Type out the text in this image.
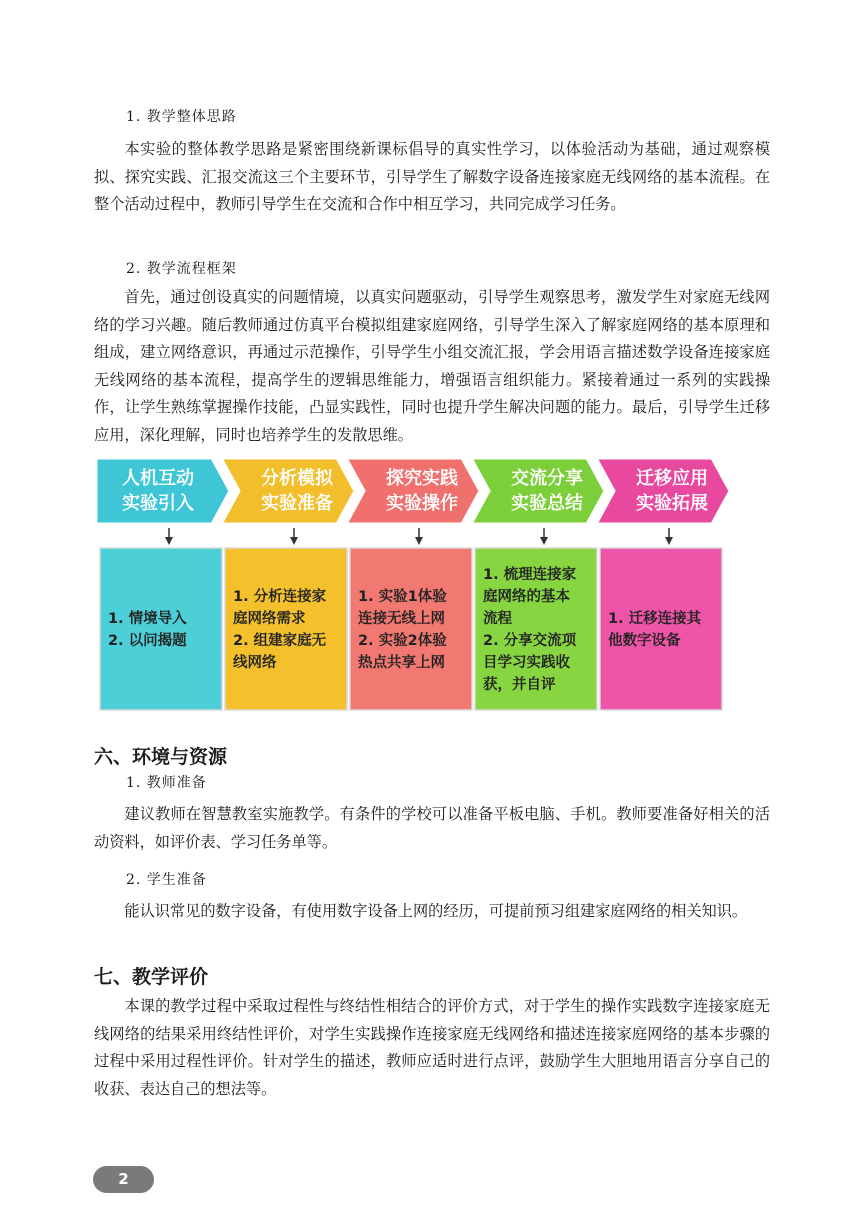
1. 教学整体思路

本实验的整体教学思路是紧密围绕新课标倡导的真实性学习，以体验活动为基础，通过观察模拟、探究实践、汇报交流这三个主要环节，引导学生了解数字设备连接家庭无线网络的基本流程。在整个活动过程中，教师引导学生在交流和合作中相互学习，共同完成学习任务。

2. 教学流程框架

首先，通过创设真实的问题情境，以真实问题驱动，引导学生观察思考，激发学生对家庭无线网络的学习兴趣。随后教师通过仿真平台模拟组建家庭网络，引导学生深入了解家庭网络的基本原理和组成，建立网络意识，再通过示范操作，引导学生小组交流汇报，学会用语言描述数学设备连接家庭无线网络的基本流程，提高学生的逻辑思维能力，增强语言组织能力。紧接着通过一系列的实践操作，让学生熟练掌握操作技能，凸显实践性，同时也提升学生解决问题的能力。最后，引导学生迁移应用，深化理解，同时也培养学生的发散思维。

人机互动
实验引入
1. 情境导入
2. 以问揭题
分析模拟
实验准备
1. 分析连接家
庭网络需求
2. 组建家庭无
线网络
探究实践
实验操作
1. 实验1体验
连接无线上网
2. 实验2体验
热点共享上网
交流分享
实验总结
1. 梳理连接家
庭网络的基本
流程
2. 分享交流项
目学习实践收
获，并自评
迁移应用
实验拓展
1. 迁移连接其
他数字设备
六、环境与资源
1. 教师准备

建议教师在智慧教室实施教学。有条件的学校可以准备平板电脑、手机。教师要准备好相关的活动资料，如评价表、学习任务单等。

2. 学生准备

能认识常见的数字设备，有使用数字设备上网的经历，可提前预习组建家庭网络的相关知识。

七、教学评价

本课的教学过程中采取过程性与终结性相结合的评价方式，对于学生的操作实践数字连接家庭无线网络的结果采用终结性评价，对学生实践操作连接家庭无线网络和描述连接家庭网络的基本步骤的过程中采用过程性评价。针对学生的描述，教师应适时进行点评，鼓励学生大胆地用语言分享自己的收获、表达自己的想法等。

2
